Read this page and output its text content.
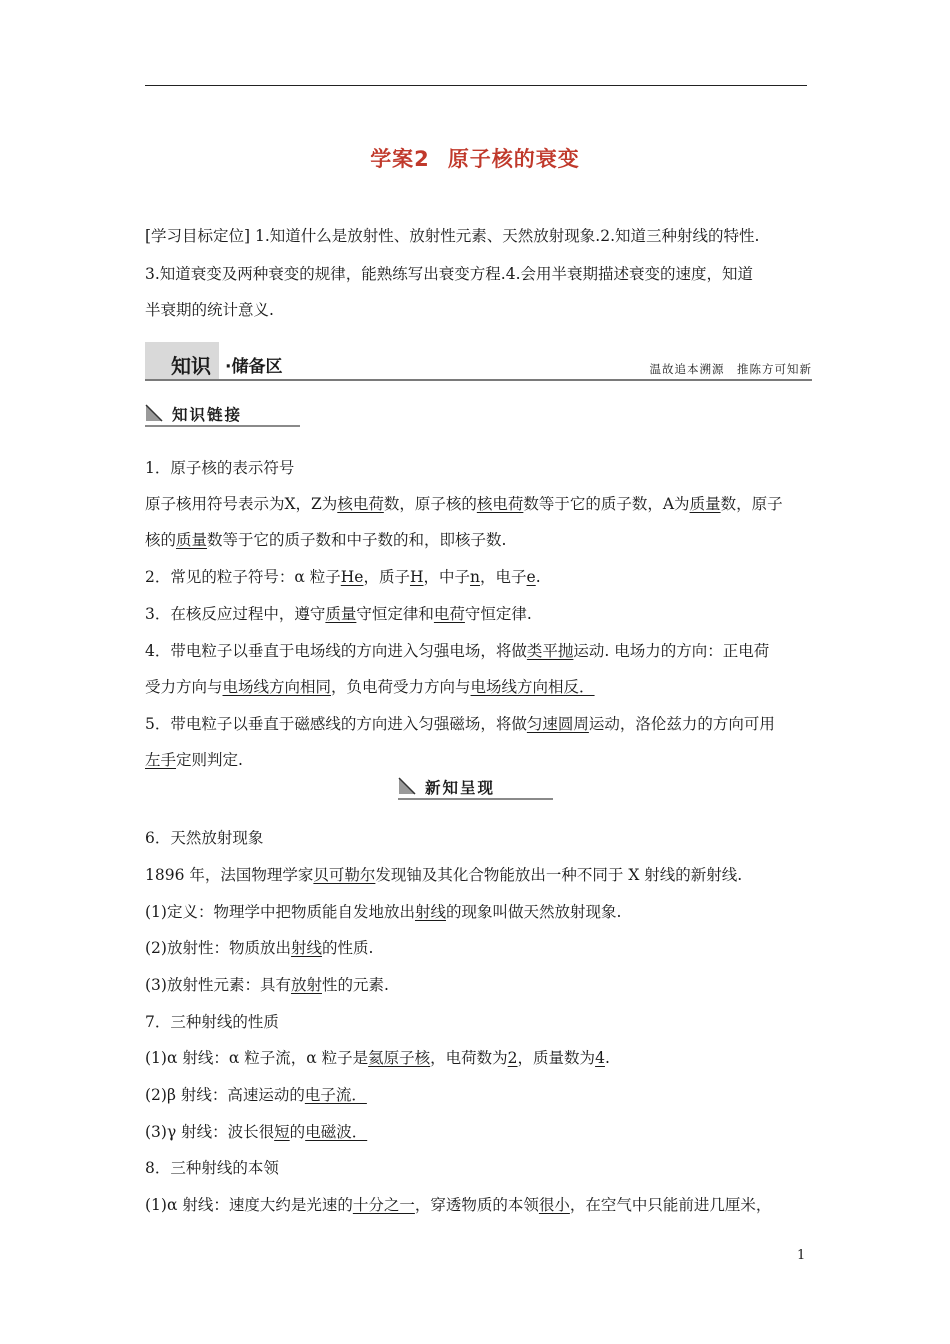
学案2 原子核的衰变
[学习目标定位] 1.知道什么是放射性、放射性元素、天然放射现象.2.知道三种射线的特性.
3.知道衰变及两种衰变的规律，能熟练写出衰变方程.4.会用半衰期描述衰变的速度，知道
半衰期的统计意义.
知识 ·储备区	温故追本溯源　推陈方可知新
知识链接
1．原子核的表示符号
原子核用符号表示为X，Z为核电荷数，原子核的核电荷数等于它的质子数，A为质量数，原子
核的质量数等于它的质子数和中子数的和，即核子数.
2．常见的粒子符号：α 粒子He，质子H，中子n，电子e.
3．在核反应过程中，遵守质量守恒定律和电荷守恒定律.
4．带电粒子以垂直于电场线的方向进入匀强电场，将做类平抛运动. 电场力的方向：正电荷
受力方向与电场线方向相同，负电荷受力方向与电场线方向相反．
5．带电粒子以垂直于磁感线的方向进入匀强磁场，将做匀速圆周运动，洛伦兹力的方向可用
左手定则判定.
新知呈现
6．天然放射现象
1896 年，法国物理学家贝可勒尔发现铀及其化合物能放出一种不同于 X 射线的新射线.
(1)定义：物理学中把物质能自发地放出射线的现象叫做天然放射现象.
(2)放射性：物质放出射线的性质.
(3)放射性元素：具有放射性的元素.
7．三种射线的性质
(1)α 射线：α 粒子流，α 粒子是氦原子核，电荷数为2，质量数为4.
(2)β 射线：高速运动的电子流．
(3)γ 射线：波长很短的电磁波．
8．三种射线的本领
(1)α 射线：速度大约是光速的十分之一，穿透物质的本领很小，在空气中只能前进几厘米，
1
